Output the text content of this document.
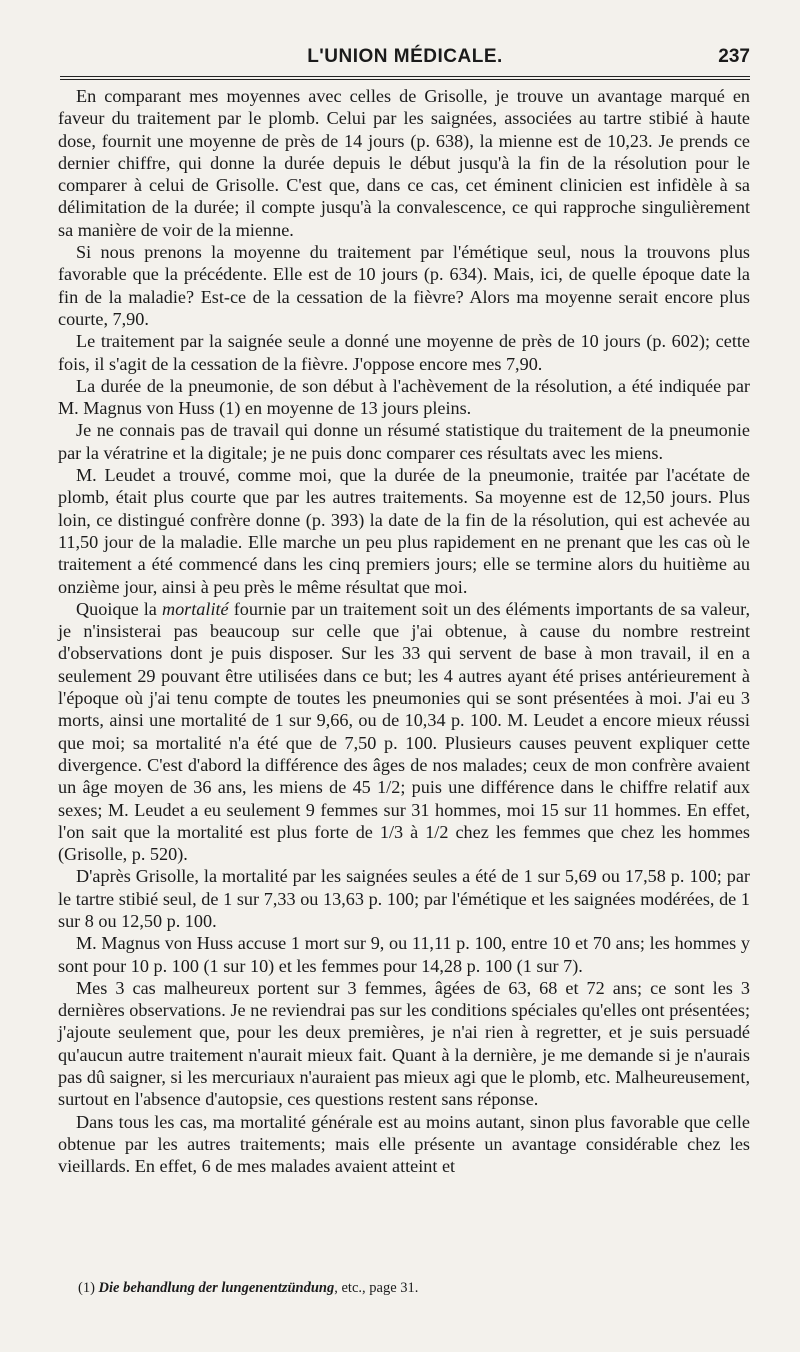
L'UNION MÉDICALE.	237

En comparant mes moyennes avec celles de Grisolle, je trouve un avantage marqué en faveur du traitement par le plomb. Celui par les saignées, associées au tartre stibié à haute dose, fournit une moyenne de près de 14 jours (p. 638), la mienne est de 10,23. Je prends ce dernier chiffre, qui donne la durée depuis le début jusqu'à la fin de la résolution pour le comparer à celui de Grisolle. C'est que, dans ce cas, cet éminent clinicien est infidèle à sa délimitation de la durée; il compte jusqu'à la convalescence, ce qui rapproche singulièrement sa manière de voir de la mienne.

Si nous prenons la moyenne du traitement par l'émétique seul, nous la trouvons plus favorable que la précédente. Elle est de 10 jours (p. 634). Mais, ici, de quelle époque date la fin de la maladie? Est-ce de la cessation de la fièvre? Alors ma moyenne serait encore plus courte, 7,90.

Le traitement par la saignée seule a donné une moyenne de près de 10 jours (p. 602); cette fois, il s'agit de la cessation de la fièvre. J'oppose encore mes 7,90.

La durée de la pneumonie, de son début à l'achèvement de la résolution, a été indiquée par M. Magnus von Huss (1) en moyenne de 13 jours pleins.

Je ne connais pas de travail qui donne un résumé statistique du traitement de la pneumonie par la vératrine et la digitale; je ne puis donc comparer ces résultats avec les miens.

M. Leudet a trouvé, comme moi, que la durée de la pneumonie, traitée par l'acétate de plomb, était plus courte que par les autres traitements. Sa moyenne est de 12,50 jours. Plus loin, ce distingué confrère donne (p. 393) la date de la fin de la résolution, qui est achevée au 11,50 jour de la maladie. Elle marche un peu plus rapidement en ne prenant que les cas où le traitement a été commencé dans les cinq premiers jours; elle se termine alors du huitième au onzième jour, ainsi à peu près le même résultat que moi.

Quoique la mortalité fournie par un traitement soit un des éléments importants de sa valeur, je n'insisterai pas beaucoup sur celle que j'ai obtenue, à cause du nombre restreint d'observations dont je puis disposer. Sur les 33 qui servent de base à mon travail, il en a seulement 29 pouvant être utilisées dans ce but; les 4 autres ayant été prises antérieurement à l'époque où j'ai tenu compte de toutes les pneumonies qui se sont présentées à moi. J'ai eu 3 morts, ainsi une mortalité de 1 sur 9,66, ou de 10,34 p. 100. M. Leudet a encore mieux réussi que moi; sa mortalité n'a été que de 7,50 p. 100. Plusieurs causes peuvent expliquer cette divergence. C'est d'abord la différence des âges de nos malades; ceux de mon confrère avaient un âge moyen de 36 ans, les miens de 45 1/2; puis une différence dans le chiffre relatif aux sexes; M. Leudet a eu seulement 9 femmes sur 31 hommes, moi 15 sur 11 hommes. En effet, l'on sait que la mortalité est plus forte de 1/3 à 1/2 chez les femmes que chez les hommes (Grisolle, p. 520).

D'après Grisolle, la mortalité par les saignées seules a été de 1 sur 5,69 ou 17,58 p. 100; par le tartre stibié seul, de 1 sur 7,33 ou 13,63 p. 100; par l'émétique et les saignées modérées, de 1 sur 8 ou 12,50 p. 100.

M. Magnus von Huss accuse 1 mort sur 9, ou 11,11 p. 100, entre 10 et 70 ans; les hommes y sont pour 10 p. 100 (1 sur 10) et les femmes pour 14,28 p. 100 (1 sur 7).

Mes 3 cas malheureux portent sur 3 femmes, âgées de 63, 68 et 72 ans; ce sont les 3 dernières observations. Je ne reviendrai pas sur les conditions spéciales qu'elles ont présentées; j'ajoute seulement que, pour les deux premières, je n'ai rien à regretter, et je suis persuadé qu'aucun autre traitement n'aurait mieux fait. Quant à la dernière, je me demande si je n'aurais pas dû saigner, si les mercuriaux n'auraient pas mieux agi que le plomb, etc. Malheureusement, surtout en l'absence d'autopsie, ces questions restent sans réponse.

Dans tous les cas, ma mortalité générale est au moins autant, sinon plus favorable que celle obtenue par les autres traitements; mais elle présente un avantage considérable chez les vieillards. En effet, 6 de mes malades avaient atteint et

(1) Die behandlung der lungenentzündung, etc., page 31.
